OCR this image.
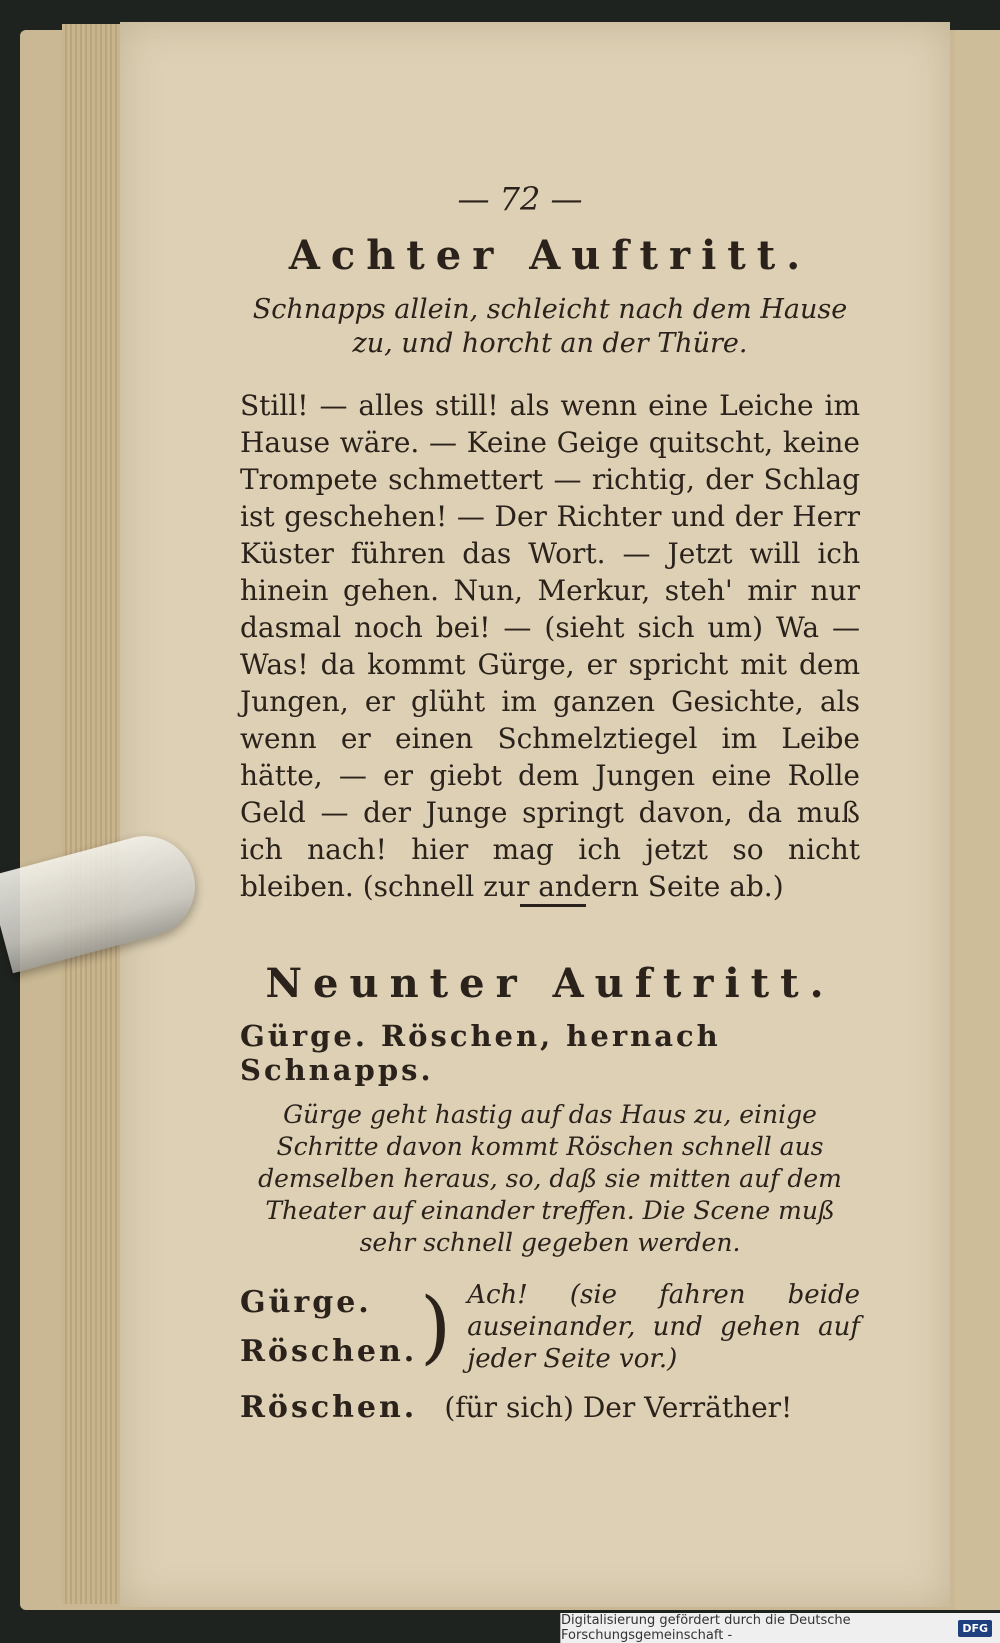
— 72 —
Achter Auftritt.

Schnapps allein, schleicht nach dem Hause zu, und horcht an der Thüre.

Still! — alles still! als wenn eine Leiche im Hause wäre. — Keine Geige quitscht, keine Trompete schmettert — richtig, der Schlag ist geschehen! — Der Richter und der Herr Küster führen das Wort. — Jetzt will ich hinein gehen. Nun, Merkur, steh' mir nur dasmal noch bei! — (sieht sich um) Wa — Was! da kommt Gürge, er spricht mit dem Jungen, er glüht im ganzen Gesichte, als wenn er einen Schmelztiegel im Leibe hätte, — er giebt dem Jungen eine Rolle Geld — der Junge springt davon, da muß ich nach! hier mag ich jetzt so nicht bleiben. (schnell zur andern Seite ab.)

Neunter Auftritt.

Gürge. Röschen, hernach Schnapps.

Gürge geht hastig auf das Haus zu, einige Schritte davon kommt Röschen schnell aus demselben heraus, so, daß sie mitten auf dem Theater auf einander treffen. Die Scene muß sehr schnell gegeben werden.

Gürge.
Röschen. ) Ach! (sie fahren beide auseinander, und gehen auf jeder Seite vor.)
Röschen. (für sich) Der Verräther!
Digitalisierung gefördert durch die Deutsche Forschungsgemeinschaft -	DFG
